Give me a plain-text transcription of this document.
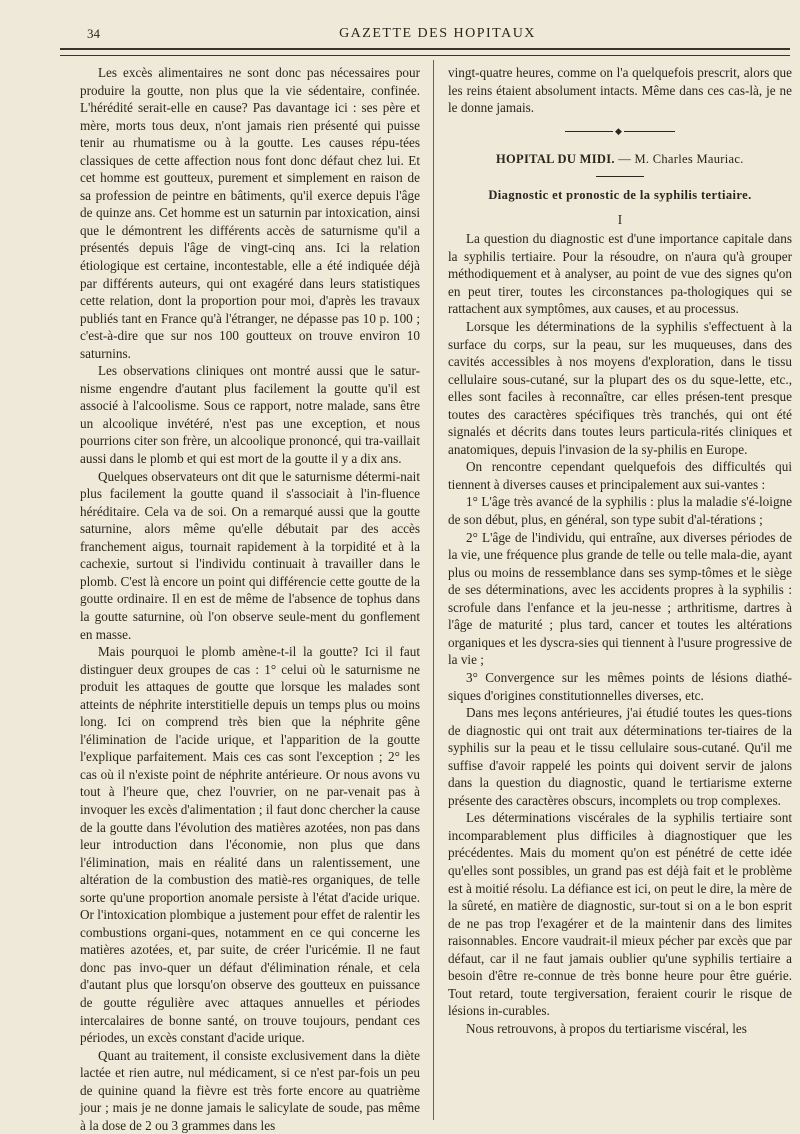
34	GAZETTE DES HOPITAUX

Les excès alimentaires ne sont donc pas nécessaires pour produire la goutte, non plus que la vie sédentaire, confinée. L'hérédité serait-elle en cause? Pas davantage ici : ses père et mère, morts tous deux, n'ont jamais rien présenté qui puisse tenir au rhumatisme ou à la goutte. Les causes répu-tées classiques de cette affection nous font donc défaut chez lui. Et cet homme est goutteux, purement et simplement en raison de sa profession de peintre en bâtiments, qu'il exerce depuis l'âge de quinze ans. Cet homme est un saturnin par intoxication, ainsi que le démontrent les différents accès de saturnisme qu'il a présentés depuis l'âge de vingt-cinq ans. Ici la relation étiologique est certaine, incontestable, elle a été indiquée déjà par différents auteurs, qui ont exagéré dans leurs statistiques cette relation, dont la proportion pour moi, d'après les travaux publiés tant en France qu'à l'étranger, ne dépasse pas 10 p. 100 ; c'est-à-dire que sur nos 100 goutteux on trouve environ 10 saturnins.

Les observations cliniques ont montré aussi que le satur-nisme engendre d'autant plus facilement la goutte qu'il est associé à l'alcoolisme. Sous ce rapport, notre malade, sans être un alcoolique invétéré, n'est pas une exception, et nous pourrions citer son frère, un alcoolique prononcé, qui tra-vaillait aussi dans le plomb et qui est mort de la goutte il y a dix ans.

Quelques observateurs ont dit que le saturnisme détermi-nait plus facilement la goutte quand il s'associait à l'in-fluence héréditaire. Cela va de soi. On a remarqué aussi que la goutte saturnine, alors même qu'elle débutait par des accès franchement aigus, tournait rapidement à la torpidité et à la cachexie, surtout si l'individu continuait à travailler dans le plomb. C'est là encore un point qui différencie cette goutte de la goutte ordinaire. Il en est de même de l'absence de tophus dans la goutte saturnine, où l'on observe seule-ment du gonflement en masse.

Mais pourquoi le plomb amène-t-il la goutte? Ici il faut distinguer deux groupes de cas : 1° celui où le saturnisme ne produit les attaques de goutte que lorsque les malades sont atteints de néphrite interstitielle depuis un temps plus ou moins long. Ici on comprend très bien que la néphrite gêne l'élimination de l'acide urique, et l'apparition de la goutte l'explique parfaitement. Mais ces cas sont l'exception ; 2° les cas où il n'existe point de néphrite antérieure. Or nous avons vu tout à l'heure que, chez l'ouvrier, on ne par-venait pas à invoquer les excès d'alimentation ; il faut donc chercher la cause de la goutte dans l'évolution des matières azotées, non pas dans leur introduction dans l'économie, non plus que dans l'élimination, mais en réalité dans un ralentissement, une altération de la combustion des matiè-res organiques, de telle sorte qu'une proportion anomale persiste à l'état d'acide urique. Or l'intoxication plombique a justement pour effet de ralentir les combustions organi-ques, notamment en ce qui concerne les matières azotées, et, par suite, de créer l'uricémie. Il ne faut donc pas invo-quer un défaut d'élimination rénale, et cela d'autant plus que lorsqu'on observe des goutteux en puissance de goutte régulière avec attaques annuelles et périodes intercalaires de bonne santé, on trouve toujours, pendant ces périodes, un excès constant d'acide urique.

Quant au traitement, il consiste exclusivement dans la diète lactée et rien autre, nul médicament, si ce n'est par-fois un peu de quinine quand la fièvre est très forte encore au quatrième jour ; mais je ne donne jamais le salicylate de soude, pas même à la dose de 2 ou 3 grammes dans les

vingt-quatre heures, comme on l'a quelquefois prescrit, alors que les reins étaient absolument intacts. Même dans ces cas-là, je ne le donne jamais.

◆
HOPITAL DU MIDI. — M. Charles Mauriac.
Diagnostic et pronostic de la syphilis tertiaire.
I

La question du diagnostic est d'une importance capitale dans la syphilis tertiaire. Pour la résoudre, on n'aura qu'à grouper méthodiquement et à analyser, au point de vue des signes qu'on en peut tirer, toutes les circonstances pa-thologiques qui se rattachent aux symptômes, aux causes, et au processus.

Lorsque les déterminations de la syphilis s'effectuent à la surface du corps, sur la peau, sur les muqueuses, dans des cavités accessibles à nos moyens d'exploration, dans le tissu cellulaire sous-cutané, sur la plupart des os du sque-lette, etc., elles sont faciles à reconnaître, car elles présen-tent presque toutes des caractères spécifiques très tranchés, qui ont été signalés et décrits dans toutes leurs particula-rités cliniques et anatomiques, depuis l'invasion de la sy-philis en Europe.

On rencontre cependant quelquefois des difficultés qui tiennent à diverses causes et principalement aux sui-vantes :

1° L'âge très avancé de la syphilis : plus la maladie s'é-loigne de son début, plus, en général, son type subit d'al-térations ;

2° L'âge de l'individu, qui entraîne, aux diverses périodes de la vie, une fréquence plus grande de telle ou telle mala-die, ayant plus ou moins de ressemblance dans ses symp-tômes et le siège de ses déterminations, avec les accidents propres à la syphilis : scrofule dans l'enfance et la jeu-nesse ; arthritisme, dartres à l'âge de maturité ; plus tard, cancer et toutes les altérations organiques et les dyscra-sies qui tiennent à l'usure progressive de la vie ;

3° Convergence sur les mêmes points de lésions diathé-siques d'origines constitutionnelles diverses, etc.

Dans mes leçons antérieures, j'ai étudié toutes les ques-tions de diagnostic qui ont trait aux déterminations ter-tiaires de la syphilis sur la peau et le tissu cellulaire sous-cutané. Qu'il me suffise d'avoir rappelé les points qui doivent servir de jalons dans la question du diagnostic, quand le tertiarisme externe présente des caractères obscurs, incomplets ou trop complexes.

Les déterminations viscérales de la syphilis tertiaire sont incomparablement plus difficiles à diagnostiquer que les précédentes. Mais du moment qu'on est pénétré de cette idée qu'elles sont possibles, un grand pas est déjà fait et le problème est à moitié résolu. La défiance est ici, on peut le dire, la mère de la sûreté, en matière de diagnostic, sur-tout si on a le bon esprit de ne pas trop l'exagérer et de la maintenir dans des limites raisonnables. Encore vaudrait-il mieux pécher par excès que par défaut, car il ne faut jamais oublier qu'une syphilis tertiaire a besoin d'être re-connue de très bonne heure pour être guérie. Tout retard, toute tergiversation, feraient courir le risque de lésions in-curables.

Nous retrouvons, à propos du tertiarisme viscéral, les
